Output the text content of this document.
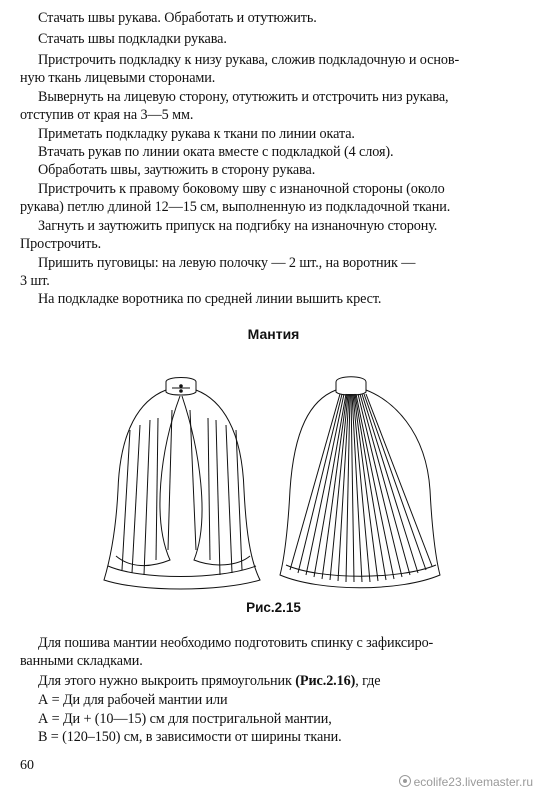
Стачать швы рукава. Обработать и отутюжить.
Стачать швы подкладки рукава.
Пристрочить подкладку к низу рукава, сложив подкладочную и основ-
ную ткань лицевыми сторонами.
Вывернуть на лицевую сторону, отутюжить и отстрочить низ рукава,
отступив от края на 3—5 мм.
Приметать подкладку рукава к ткани по линии оката.
Втачать рукав по линии оката вместе с подкладкой (4 слоя).
Обработать швы, заутюжить в сторону рукава.
Пристрочить к правому боковому шву с изнаночной стороны (около
рукава) петлю длиной 12—15 см, выполненную из подкладочной ткани.
Загнуть и заутюжить припуск на подгибку на изнаночную сторону.
Прострочить.
Пришить пуговицы: на левую полочку — 2 шт., на воротник —
3 шт.
На подкладке воротника по средней линии вышить крест.
Мантия
Рис.2.15
Для пошива мантии необходимо подготовить спинку с зафиксиро-
ванными складками.
Для этого нужно выкроить прямоугольник (Рис.2.16), где
А = Ди для рабочей мантии или
А = Ди + (10—15) см для постригальной мантии,
В = (120–150) см, в зависимости от ширины ткани.
60
ecolife23.livemaster.ru
